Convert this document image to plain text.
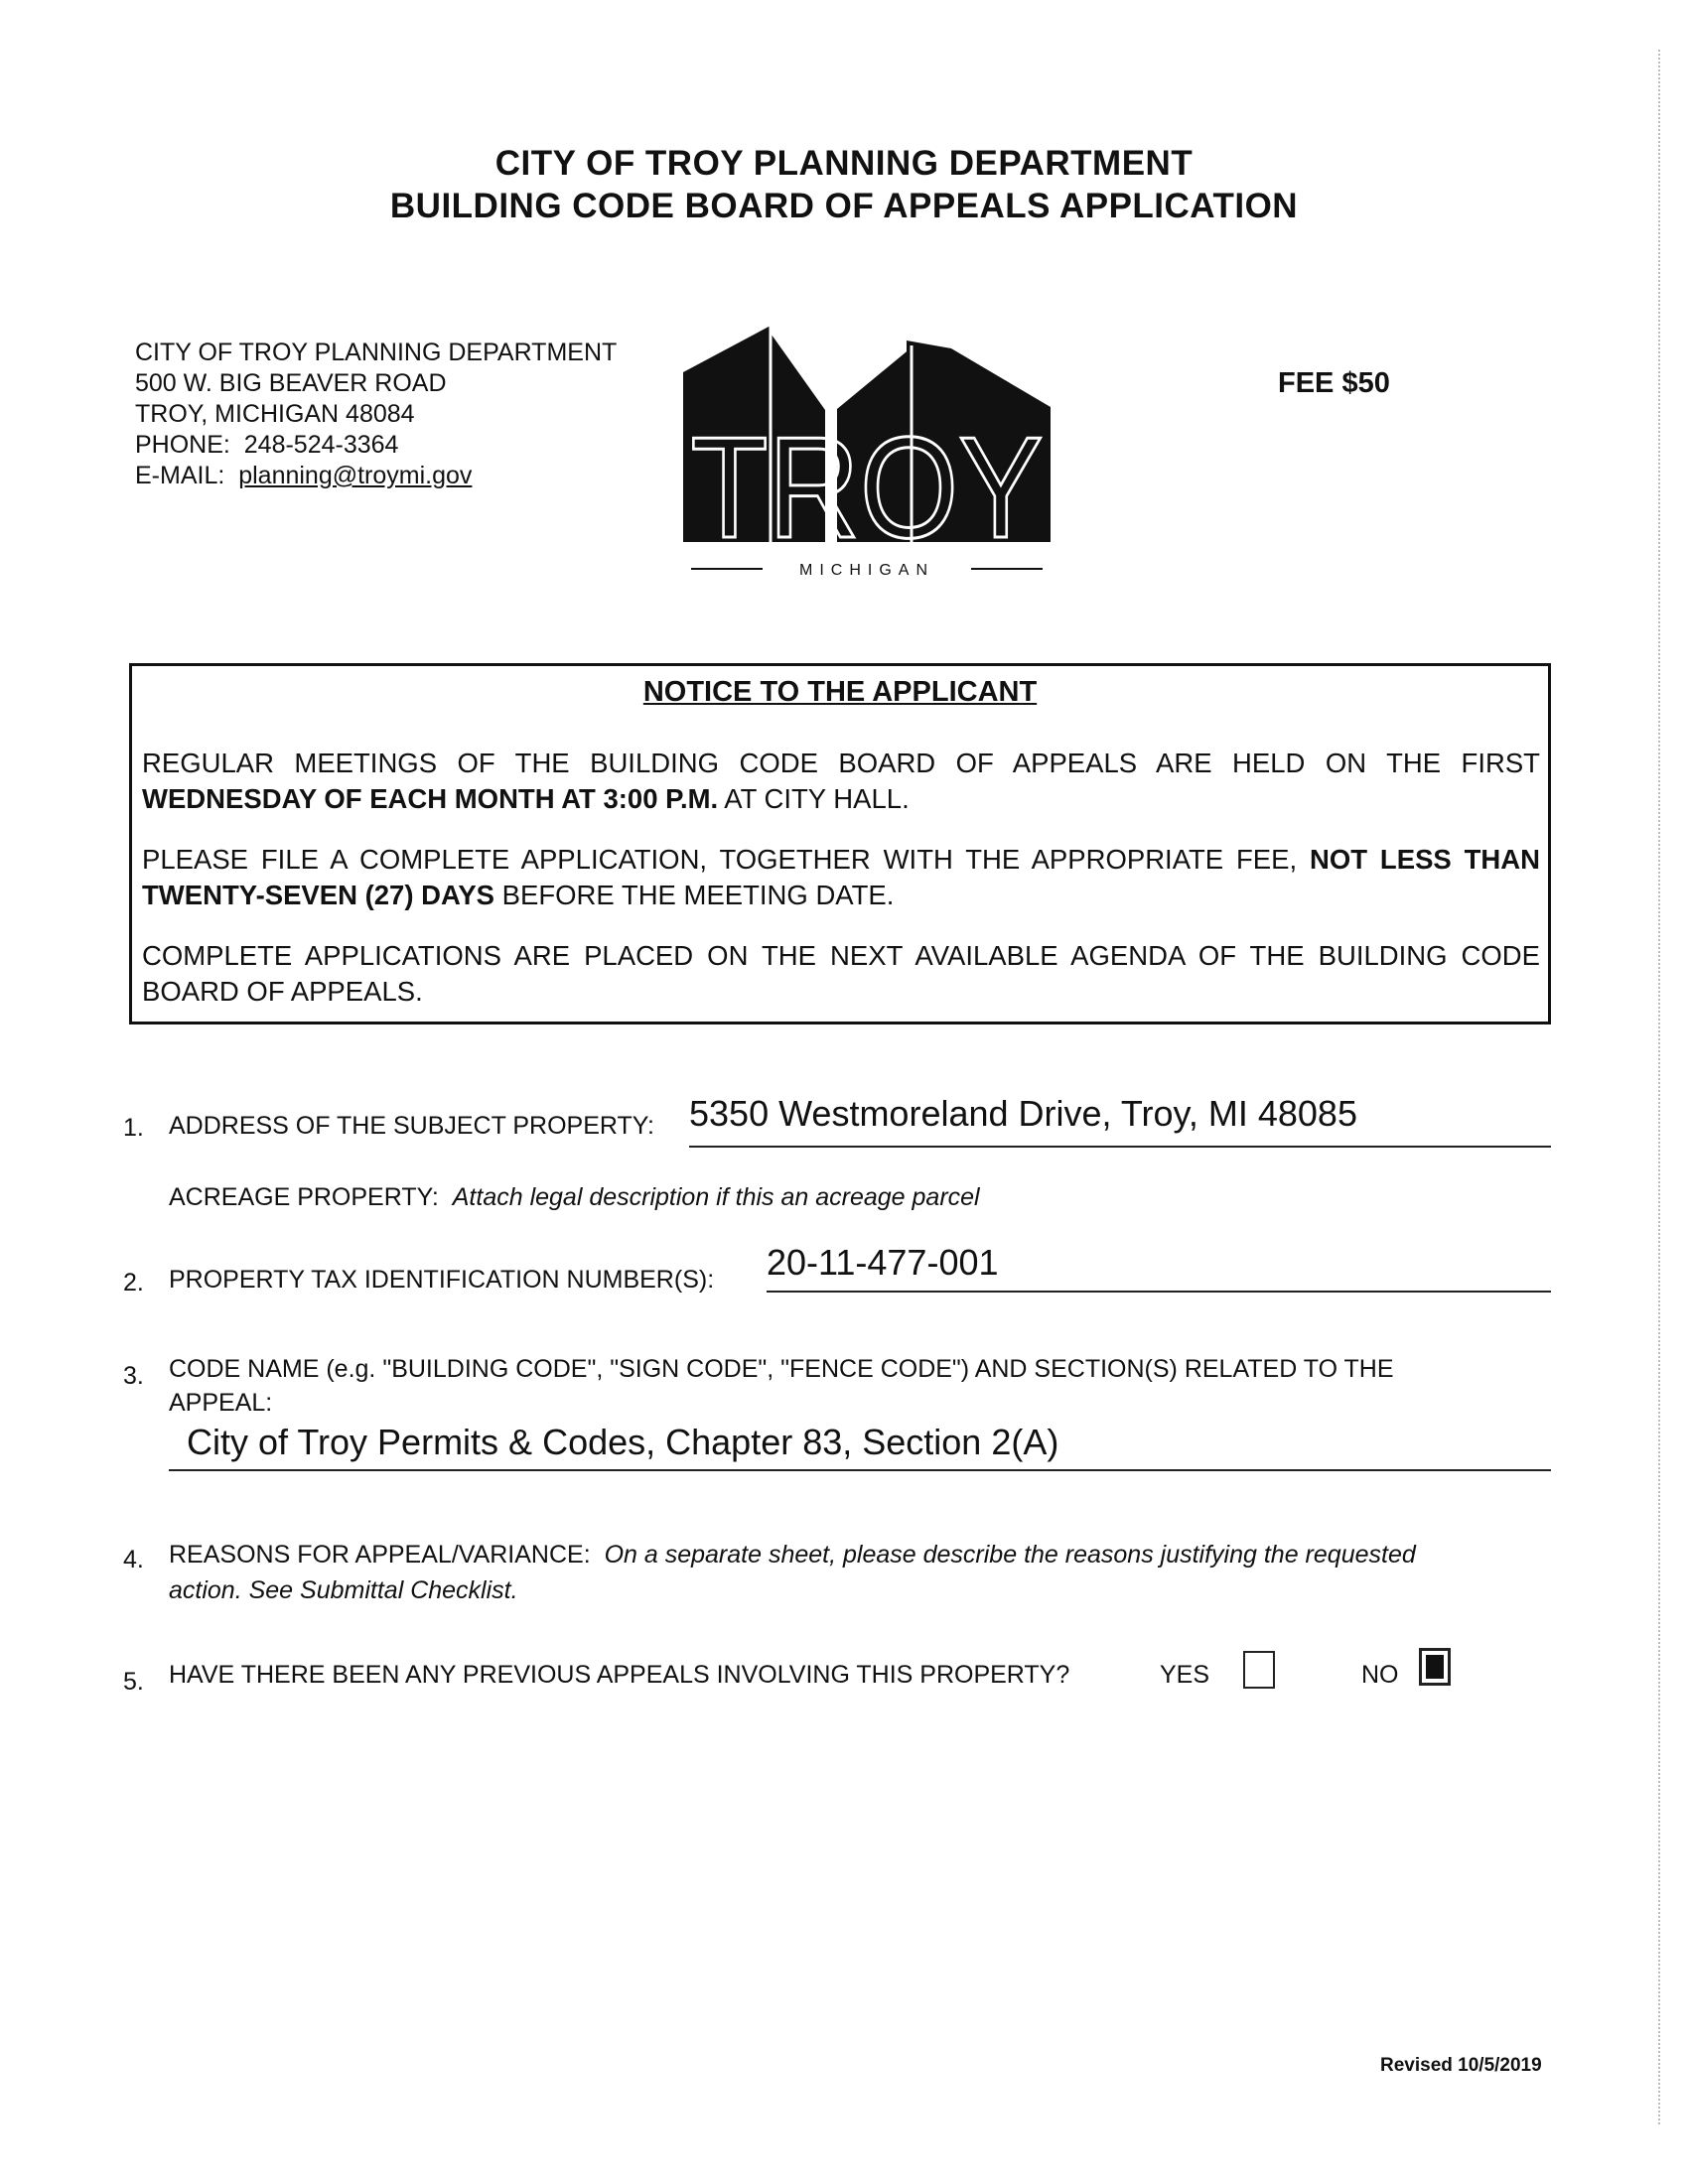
CITY OF TROY PLANNING DEPARTMENT
BUILDING CODE BOARD OF APPEALS APPLICATION
CITY OF TROY PLANNING DEPARTMENT
500 W. BIG BEAVER ROAD
TROY, MICHIGAN 48084
PHONE: 248-524-3364
E-MAIL: planning@troymi.gov	TROY
MICHIGAN
FEE $50
NOTICE TO THE APPLICANT
REGULAR MEETINGS OF THE BUILDING CODE BOARD OF APPEALS ARE HELD ON THE FIRST WEDNESDAY OF EACH MONTH AT 3:00 P.M. AT CITY HALL.
PLEASE FILE A COMPLETE APPLICATION, TOGETHER WITH THE APPROPRIATE FEE, NOT LESS THAN TWENTY-SEVEN (27) DAYS BEFORE THE MEETING DATE.
COMPLETE APPLICATIONS ARE PLACED ON THE NEXT AVAILABLE AGENDA OF THE BUILDING CODE BOARD OF APPEALS.
1. ADDRESS OF THE SUBJECT PROPERTY: 5350 Westmoreland Drive, Troy, MI 48085
ACREAGE PROPERTY: Attach legal description if this an acreage parcel
2. PROPERTY TAX IDENTIFICATION NUMBER(S): 20-11-477-001
3. CODE NAME (e.g. "BUILDING CODE", "SIGN CODE", "FENCE CODE") AND SECTION(S) RELATED TO THE
APPEAL:
City of Troy Permits & Codes, Chapter 83, Section 2(A)
4. REASONS FOR APPEAL/VARIANCE: On a separate sheet, please describe the reasons justifying the requested
action. See Submittal Checklist.
5. HAVE THERE BEEN ANY PREVIOUS APPEALS INVOLVING THIS PROPERTY?	YES	NO
Revised 10/5/2019
